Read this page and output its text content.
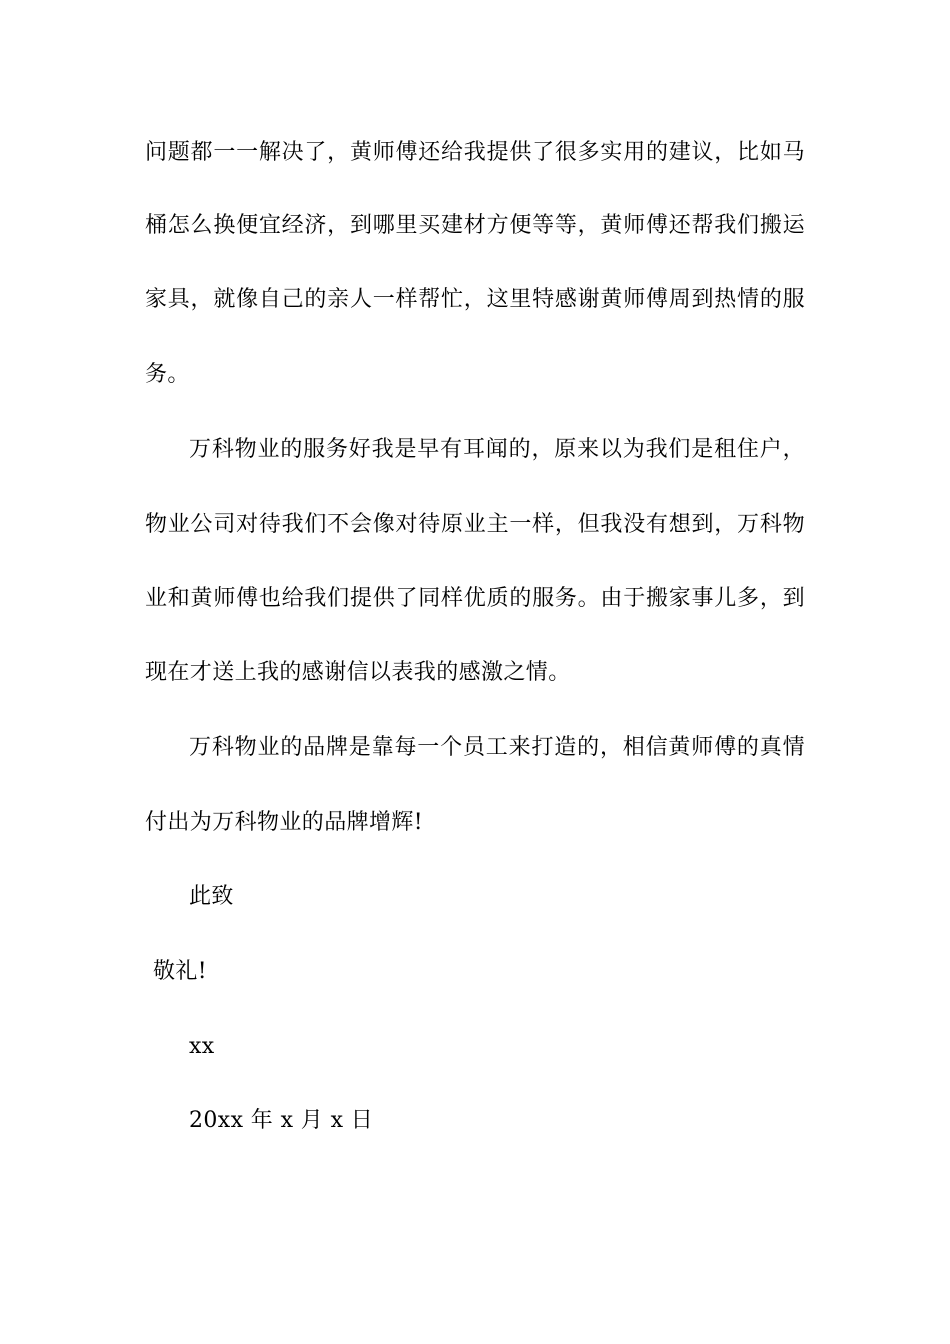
问题都一一解决了，黄师傅还给我提供了很多实用的建议，比如马
桶怎么换便宜经济，到哪里买建材方便等等，黄师傅还帮我们搬运
家具，就像自己的亲人一样帮忙，这里特感谢黄师傅周到热情的服
务。
万科物业的服务好我是早有耳闻的，原来以为我们是租住户，
物业公司对待我们不会像对待原业主一样，但我没有想到，万科物
业和黄师傅也给我们提供了同样优质的服务。由于搬家事儿多，到
现在才送上我的感谢信以表我的感激之情。
万科物业的品牌是靠每一个员工来打造的，相信黄师傅的真情
付出为万科物业的品牌增辉!
此致
敬礼!
xx
20xx 年 x 月 x 日
